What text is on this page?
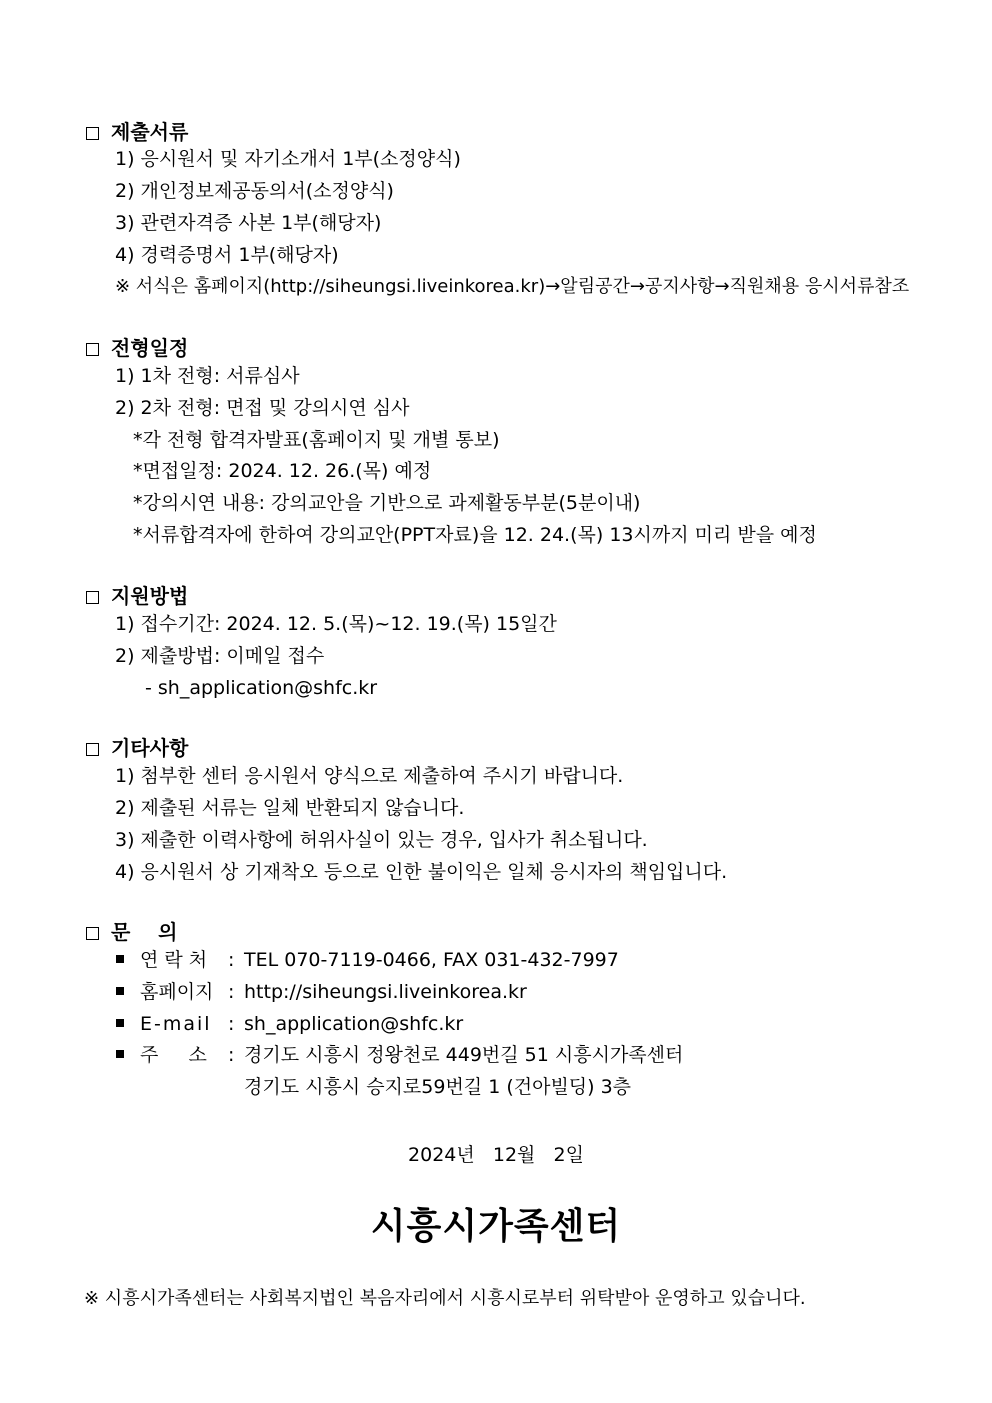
제출서류
1) 응시원서 및 자기소개서 1부(소정양식)
2) 개인정보제공동의서(소정양식)
3) 관련자격증 사본 1부(해당자)
4) 경력증명서 1부(해당자)
※ 서식은 홈페이지(http://siheungsi.liveinkorea.kr)→알림공간→공지사항→직원채용 응시서류참조
전형일정
1) 1차 전형: 서류심사
2) 2차 전형: 면접 및 강의시연 심사
*각 전형 합격자발표(홈페이지 및 개별 통보)
*면접일정: 2024. 12. 26.(목) 예정
*강의시연 내용: 강의교안을 기반으로 과제활동부분(5분이내)
*서류합격자에 한하여 강의교안(PPT자료)을 12. 24.(목) 13시까지 미리 받을 예정
지원방법
1) 접수기간: 2024. 12. 5.(목)~12. 19.(목) 15일간
2) 제출방법: 이메일 접수
- sh_application@shfc.kr
기타사항
1) 첨부한 센터 응시원서 양식으로 제출하여 주시기 바랍니다.
2) 제출된 서류는 일체 반환되지 않습니다.
3) 제출한 이력사항에 허위사실이 있는 경우, 입사가 취소됩니다.
4) 응시원서 상 기재착오 등으로 인한 불이익은 일체 응시자의 책임입니다.
문    의
연 락 처 : TEL 070-7119-0466, FAX 031-432-7997
홈페이지 : http://siheungsi.liveinkorea.kr
E-mail : sh_application@shfc.kr
주     소 : 경기도 시흥시 정왕천로 449번길 51 시흥시가족센터
경기도 시흥시 승지로59번길 1 (건아빌딩) 3층
2024년   12월   2일
시흥시가족센터
※ 시흥시가족센터는 사회복지법인 복음자리에서 시흥시로부터 위탁받아 운영하고 있습니다.
